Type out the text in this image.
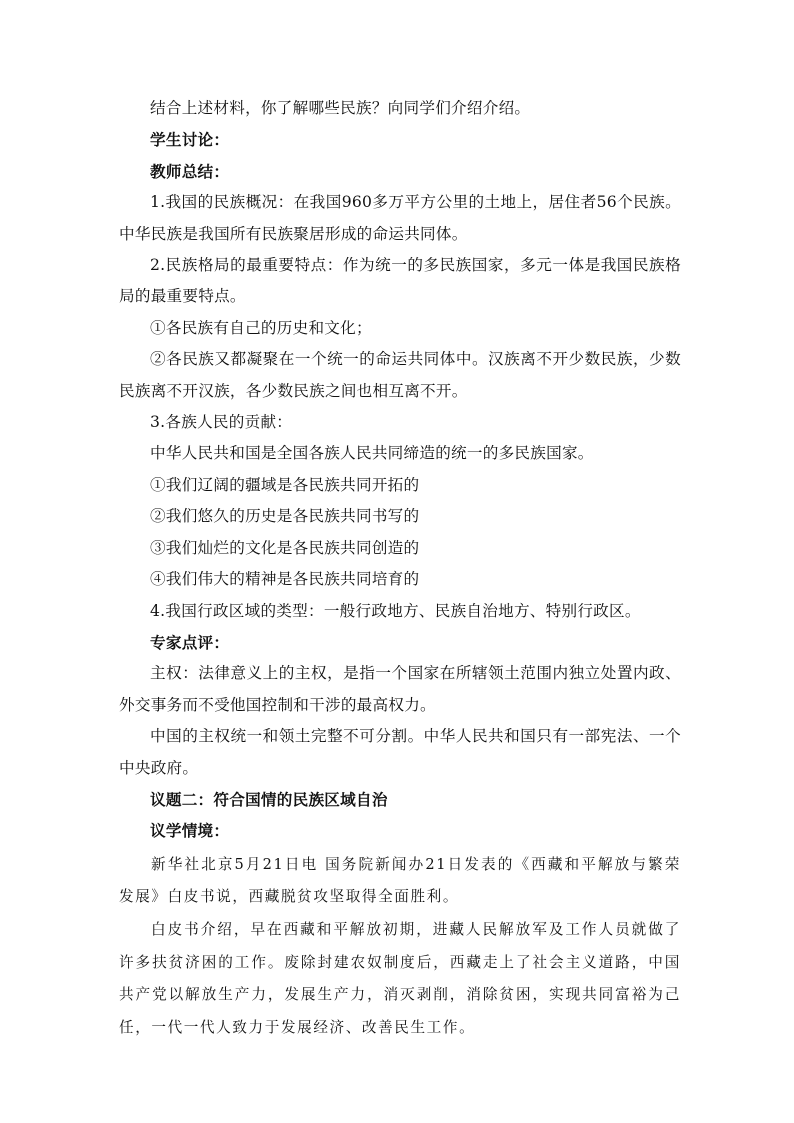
结合上述材料，你了解哪些民族？向同学们介绍介绍。

学生讨论：

教师总结：

1.我国的民族概况：在我国960多万平方公里的土地上，居住者56个民族。中华民族是我国所有民族聚居形成的命运共同体。

2.民族格局的最重要特点：作为统一的多民族国家，多元一体是我国民族格局的最重要特点。

①各民族有自己的历史和文化；

②各民族又都凝聚在一个统一的命运共同体中。汉族离不开少数民族，少数民族离不开汉族，各少数民族之间也相互离不开。

3.各族人民的贡献：

中华人民共和国是全国各族人民共同缔造的统一的多民族国家。

①我们辽阔的疆域是各民族共同开拓的

②我们悠久的历史是各民族共同书写的

③我们灿烂的文化是各民族共同创造的

④我们伟大的精神是各民族共同培育的

4.我国行政区域的类型：一般行政地方、民族自治地方、特别行政区。

专家点评：

主权：法律意义上的主权，是指一个国家在所辖领土范围内独立处置内政、外交事务而不受他国控制和干涉的最高权力。

中国的主权统一和领土完整不可分割。中华人民共和国只有一部宪法、一个中央政府。

议题二：符合国情的民族区域自治

议学情境：

新华社北京5月21日电 国务院新闻办21日发表的《西藏和平解放与繁荣发展》白皮书说，西藏脱贫攻坚取得全面胜利。

白皮书介绍，早在西藏和平解放初期，进藏人民解放军及工作人员就做了许多扶贫济困的工作。废除封建农奴制度后，西藏走上了社会主义道路，中国共产党以解放生产力，发展生产力，消灭剥削，消除贫困，实现共同富裕为己任，一代一代人致力于发展经济、改善民生工作。
